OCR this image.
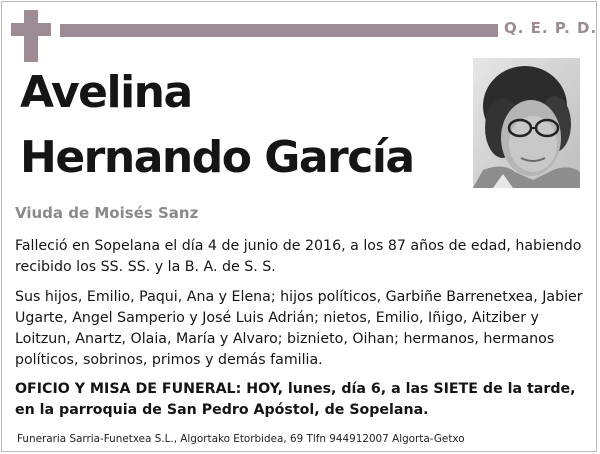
Q. E. P. D.
Avelina
Hernando García
Viuda de Moisés Sanz

Falleció en Sopelana el día 4 de junio de 2016, a los 87 años de edad, habiendo recibido los SS. SS. y la B. A. de S. S.

Sus hijos, Emilio, Paqui, Ana y Elena; hijos políticos, Garbiñe Barrenetxea, Jabier Ugarte, Angel Samperio y José Luis Adrián; nietos, Emilio, Iñigo, Aitziber y Loitzun, Anartz, Olaia, María y Alvaro; biznieto, Oihan; hermanos, hermanos políticos, sobrinos, primos y demás familia.

OFICIO Y MISA DE FUNERAL: HOY, lunes, día 6, a las SIETE de la tarde, en la parroquia de San Pedro Apóstol, de Sopelana.

Funeraria Sarria-Funetxea S.L., Algortako Etorbidea, 69 Tlfn 944912007 Algorta-Getxo
